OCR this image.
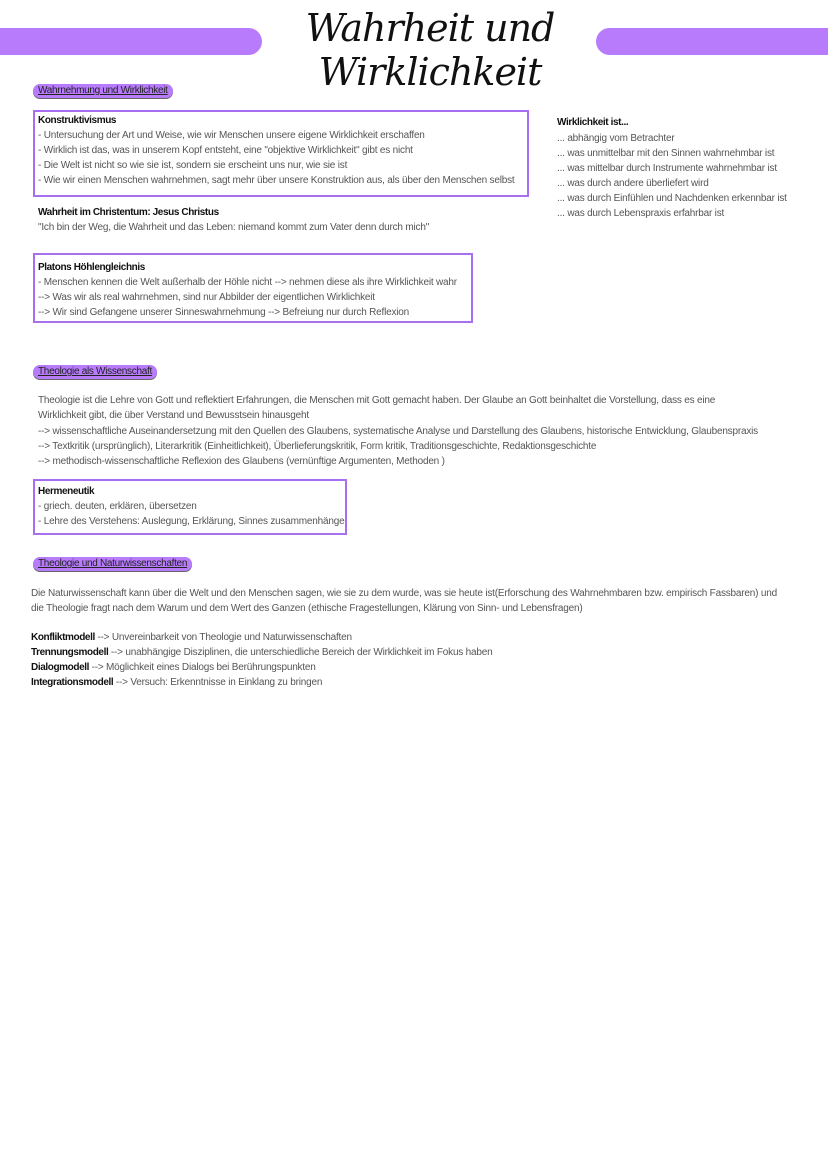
Wahrheit und Wirklichkeit
Wahrnehmung und Wirklichkeit
Konstruktivismus
- Untersuchung der Art und Weise, wie wir Menschen unsere eigene Wirklichkeit erschaffen
- Wirklich ist das, was in unserem Kopf entsteht, eine "objektive Wirklichkeit" gibt es nicht
- Die Welt ist nicht so wie sie ist, sondern sie erscheint uns nur, wie sie ist
- Wie wir einen Menschen wahrnehmen, sagt mehr über unsere Konstruktion aus, als über den Menschen selbst
Wahrheit im Christentum: Jesus Christus
"Ich bin der Weg, die Wahrheit und das Leben: niemand kommt zum Vater denn durch mich"
Wirklichkeit ist...
... abhängig vom Betrachter
... was unmittelbar mit den Sinnen wahrnehmbar ist
... was mittelbar durch Instrumente wahrnehmbar ist
... was durch andere überliefert wird
... was durch Einfühlen und Nachdenken erkennbar ist
... was durch Lebenspraxis erfahrbar ist
Platons Höhlengleichnis
- Menschen kennen die Welt außerhalb der Höhle nicht --> nehmen diese als ihre Wirklichkeit wahr
--> Was wir als real wahrnehmen, sind nur Abbilder der eigentlichen Wirklichkeit
--> Wir sind Gefangene unserer Sinneswahrnehmung --> Befreiung nur durch Reflexion
Theologie als Wissenschaft
Theologie ist die Lehre von Gott und reflektiert Erfahrungen, die Menschen mit Gott gemacht haben. Der Glaube an Gott beinhaltet die Vorstellung, dass es eine
Wirklichkeit gibt, die über Verstand und Bewusstsein hinausgeht
--> wissenschaftliche Auseinandersetzung mit den Quellen des Glaubens, systematische Analyse und Darstellung des Glaubens, historische Entwicklung, Glaubenspraxis
--> Textkritik (ursprünglich), Literarkritik (Einheitlichkeit), Überlieferungskritik, Form kritik, Traditionsgeschichte, Redaktionsgeschichte
--> methodisch-wissenschaftliche Reflexion des Glaubens (vernünftige Argumenten, Methoden )
Hermeneutik
- griech. deuten, erklären, übersetzen
- Lehre des Verstehens: Auslegung, Erklärung, Sinnes zusammenhänge
Theologie und Naturwissenschaften
Die Naturwissenschaft kann über die Welt und den Menschen sagen, wie sie zu dem wurde, was sie heute ist(Erforschung des Wahrnehmbaren bzw. empirisch Fassbaren) und
die Theologie fragt nach dem Warum und dem Wert des Ganzen (ethische Fragestellungen, Klärung von Sinn- und Lebensfragen)
Konfliktmodell --> Unvereinbarkeit von Theologie und Naturwissenschaften
Trennungsmodell --> unabhängige Disziplinen, die unterschiedliche Bereich der Wirklichkeit im Fokus haben
Dialogmodell --> Möglichkeit eines Dialogs bei Berührungspunkten
Integrationsmodell --> Versuch: Erkenntnisse in Einklang zu bringen
